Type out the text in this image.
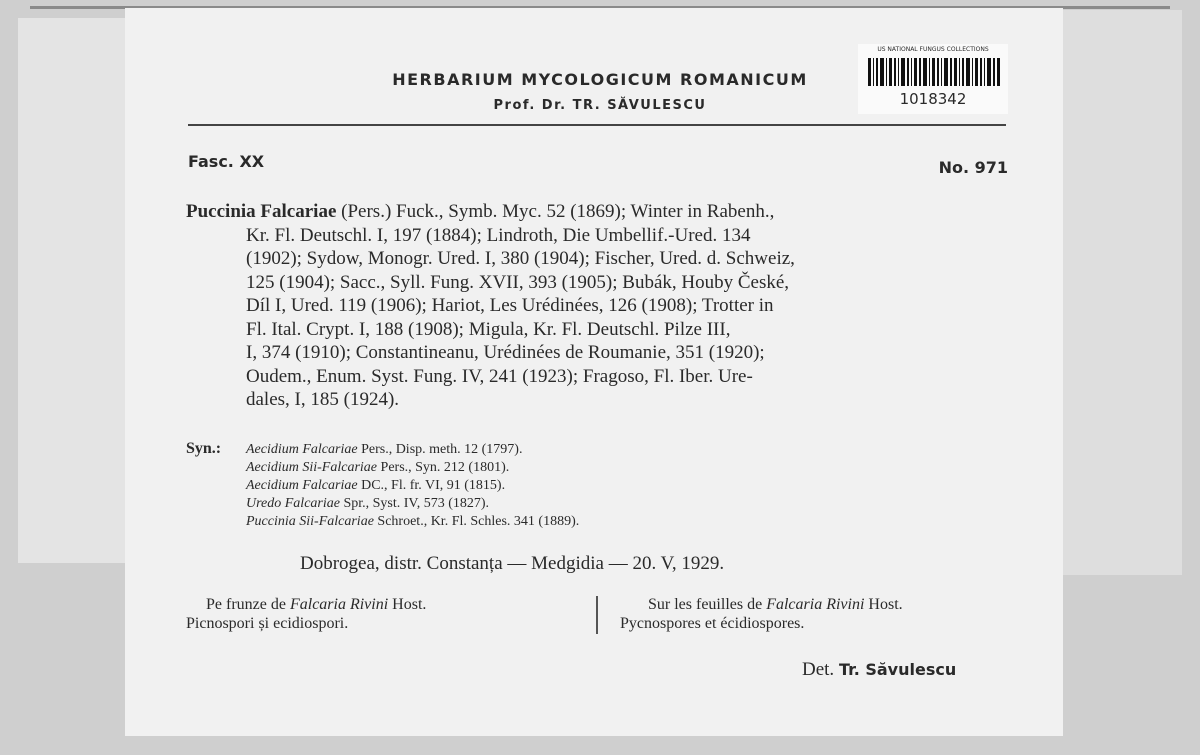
HERBARIUM MYCOLOGICUM ROMANICUM
Prof. Dr. TR. SĂVULESCU
US NATIONAL FUNGUS COLLECTIONS
1018342
Fasc. XX	No. 971
Puccinia Falcariae (Pers.) Fuck., Symb. Myc. 52 (1869); Winter in Rabenh.,
Kr. Fl. Deutschl. I, 197 (1884); Lindroth, Die Umbellif.-Ured. 134
(1902); Sydow, Monogr. Ured. I, 380 (1904); Fischer, Ured. d. Schweiz,
125 (1904); Sacc., Syll. Fung. XVII, 393 (1905); Bubák, Houby České,
Díl I, Ured. 119 (1906); Hariot, Les Urédinées, 126 (1908); Trotter in
Fl. Ital. Crypt. I, 188 (1908); Migula, Kr. Fl. Deutschl. Pilze III,
I, 374 (1910); Constantineanu, Urédinées de Roumanie, 351 (1920);
Oudem., Enum. Syst. Fung. IV, 241 (1923); Fragoso, Fl. Iber. Ure-
dales, I, 185 (1924).
Syn.: Aecidium Falcariae Pers., Disp. meth. 12 (1797).
Aecidium Sii-Falcariae Pers., Syn. 212 (1801).
Aecidium Falcariae DC., Fl. fr. VI, 91 (1815).
Uredo Falcariae Spr., Syst. IV, 573 (1827).
Puccinia Sii-Falcariae Schroet., Kr. Fl. Schles. 341 (1889).
Dobrogea, distr. Constanța — Medgidia — 20. V, 1929.
Pe frunze de Falcaria Rivini Host.
Picnospori și ecidiospori.
Sur les feuilles de Falcaria Rivini Host.
Pycnospores et écidiospores.
Det. Tr. Săvulescu
